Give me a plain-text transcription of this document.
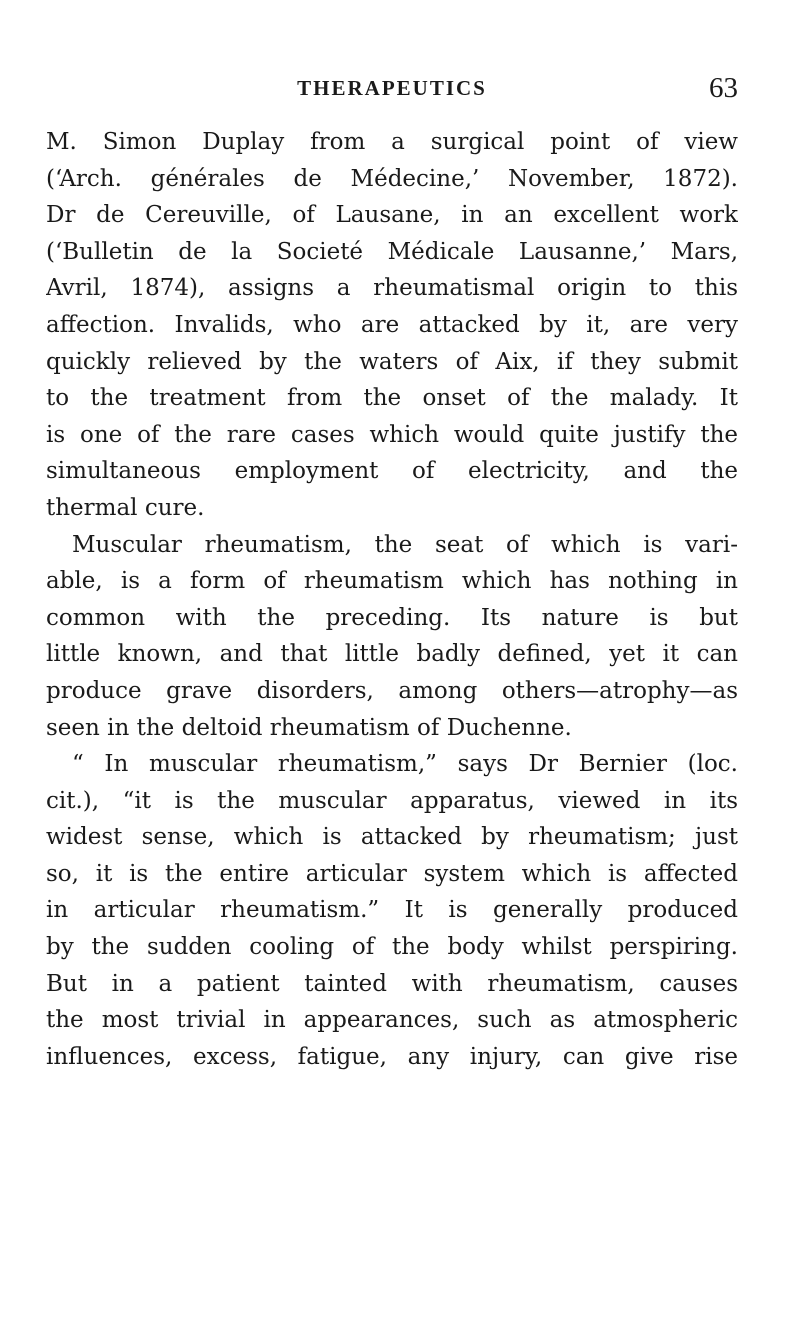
THERAPEUTICS	63
M. Simon Duplay from a surgical point of view
(‘Arch. générales de Médecine,’ November, 1872).
Dr de Cereuville, of Lausane, in an excellent work
(‘Bulletin de la Societé Médicale Lausanne,’ Mars,
Avril, 1874), assigns a rheumatismal origin to this
affection. Invalids, who are attacked by it, are very
quickly relieved by the waters of Aix, if they submit
to the treatment from the onset of the malady. It
is one of the rare cases which would quite justify the
simultaneous employment of electricity, and the
thermal cure.
Muscular rheumatism, the seat of which is vari-
able, is a form of rheumatism which has nothing in
common with the preceding. Its nature is but
little known, and that little badly defined, yet it can
produce grave disorders, among others—atrophy—as
seen in the deltoid rheumatism of Duchenne.
“ In muscular rheumatism,” says Dr Bernier (loc.
cit.), “it is the muscular apparatus, viewed in its
widest sense, which is attacked by rheumatism; just
so, it is the entire articular system which is affected
in articular rheumatism.” It is generally produced
by the sudden cooling of the body whilst perspiring.
But in a patient tainted with rheumatism, causes
the most trivial in appearances, such as atmospheric
influences, excess, fatigue, any injury, can give rise
